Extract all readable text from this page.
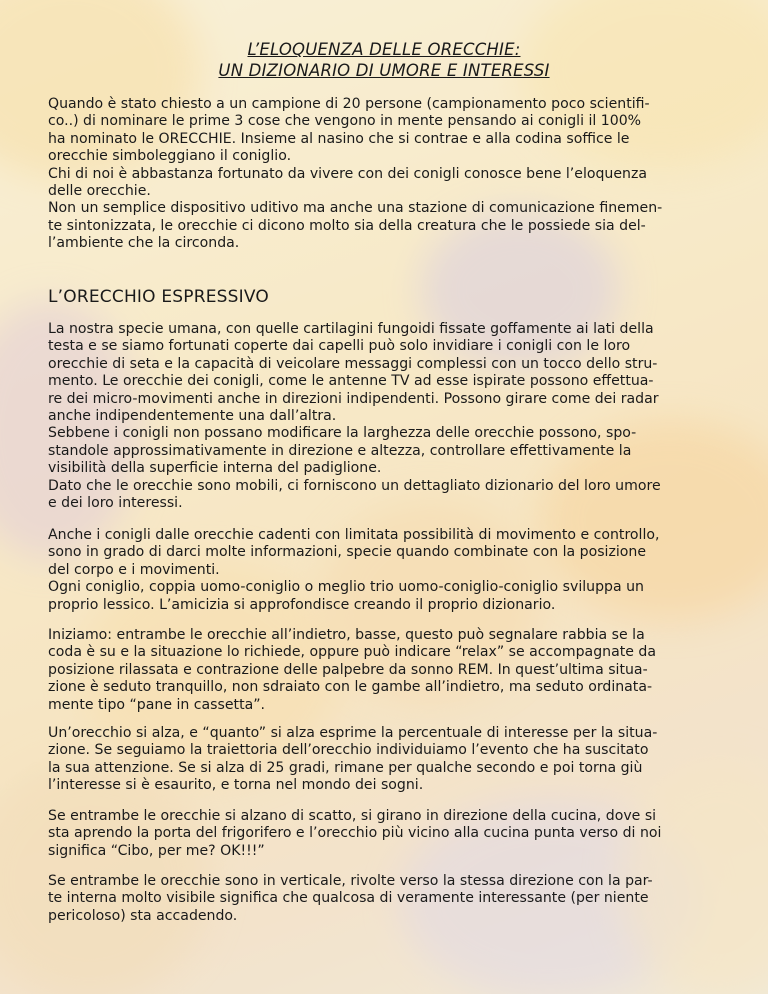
L’ELOQUENZA DELLE ORECCHIE:
UN DIZIONARIO DI UMORE E INTERESSI
Quando è stato chiesto a un campione di 20 persone (campionamento poco scientifi-
co..) di nominare le prime 3 cose che vengono in mente pensando ai conigli il 100%
ha nominato le ORECCHIE. Insieme al nasino che si contrae e alla codina soffice le
orecchie simboleggiano il coniglio.
Chi di noi è abbastanza fortunato da vivere con dei conigli conosce bene l’eloquenza
delle orecchie.
Non un semplice dispositivo uditivo ma anche una stazione di comunicazione finemen-
te sintonizzata, le orecchie ci dicono molto sia della creatura che le possiede sia del-
l’ambiente che la circonda.
L’ORECCHIO ESPRESSIVO
La nostra specie umana, con quelle cartilagini fungoidi fissate goffamente ai lati della
testa e se siamo fortunati coperte dai capelli può solo invidiare i conigli con le loro
orecchie di seta e la capacità di veicolare messaggi complessi con un tocco dello stru-
mento. Le orecchie dei conigli, come le antenne TV ad esse ispirate possono effettua-
re dei micro-movimenti anche in direzioni indipendenti. Possono girare come dei radar
anche indipendentemente una dall’altra.
Sebbene i conigli non possano modificare la larghezza delle orecchie possono, spo-
standole approssimativamente in direzione e altezza, controllare effettivamente la
visibilità della superficie interna del padiglione.
Dato che le orecchie sono mobili, ci forniscono un dettagliato dizionario del loro umore
e dei loro interessi.
Anche i conigli dalle orecchie cadenti con limitata possibilità di movimento e controllo,
sono in grado di darci molte informazioni, specie quando combinate con la posizione
del corpo e i movimenti.
Ogni coniglio, coppia uomo-coniglio o meglio trio uomo-coniglio-coniglio sviluppa un
proprio lessico. L’amicizia si approfondisce creando il proprio dizionario.
Iniziamo: entrambe le orecchie all’indietro, basse, questo può segnalare rabbia se la
coda è su e la situazione lo richiede, oppure può indicare “relax” se accompagnate da
posizione rilassata e contrazione delle palpebre da sonno REM. In quest’ultima situa-
zione è seduto tranquillo, non sdraiato con le gambe all’indietro, ma seduto ordinata-
mente tipo “pane in cassetta”.
Un’orecchio si alza, e “quanto” si alza esprime la percentuale di interesse per la situa-
zione. Se seguiamo la traiettoria dell’orecchio individuiamo l’evento che ha suscitato
la sua attenzione. Se si alza di 25 gradi, rimane per qualche secondo e poi torna giù
l’interesse si è esaurito, e torna nel mondo dei sogni.
Se entrambe le orecchie si alzano di scatto, si girano in direzione della cucina, dove si
sta aprendo la porta del frigorifero e l’orecchio più vicino alla cucina punta verso di noi
significa “Cibo, per me? OK!!!”
Se entrambe le orecchie sono in verticale, rivolte verso la stessa direzione con la par-
te interna molto visibile significa che qualcosa di veramente interessante (per niente
pericoloso) sta accadendo.
